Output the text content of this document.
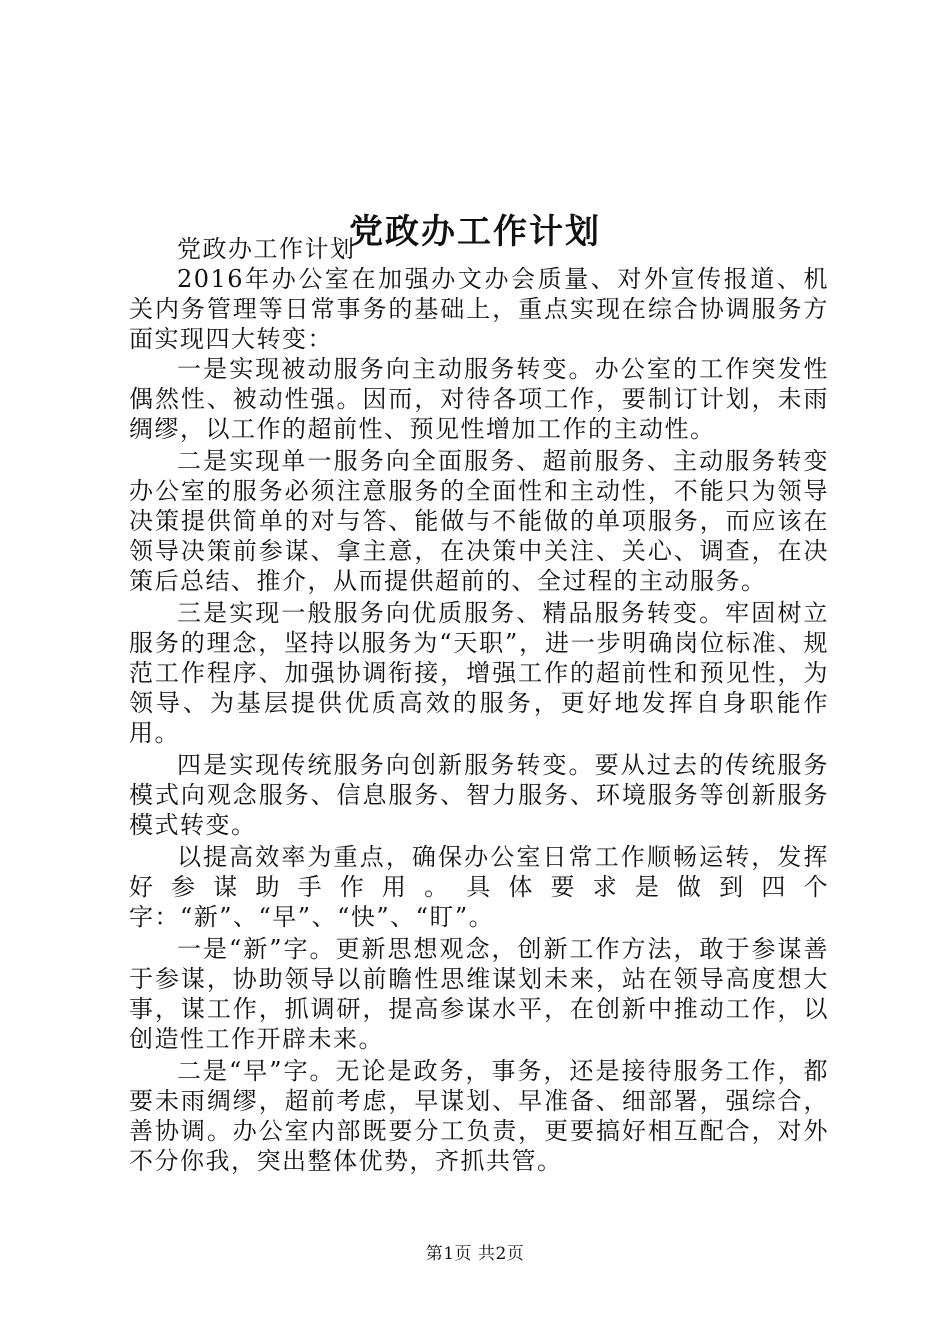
党政办工作计划

党政办工作计划

2016年办公室在加强办文办会质量、对外宣传报道、机关内务管理等日常事务的基础上，重点实现在综合协调服务方面实现四大转变：

一是实现被动服务向主动服务转变。办公室的工作突发性偶然性、被动性强。因而，对待各项工作，要制订计划，未雨绸缪，以工作的超前性、预见性增加工作的主动性。

二是实现单一服务向全面服务、超前服务、主动服务转变办公室的服务必须注意服务的全面性和主动性，不能只为领导决策提供简单的对与答、能做与不能做的单项服务，而应该在领导决策前参谋、拿主意，在决策中关注、关心、调查，在决策后总结、推介，从而提供超前的、全过程的主动服务。

三是实现一般服务向优质服务、精品服务转变。牢固树立服务的理念，坚持以服务为“天职”，进一步明确岗位标准、规范工作程序、加强协调衔接，增强工作的超前性和预见性，为领导、为基层提供优质高效的服务，更好地发挥自身职能作用。

四是实现传统服务向创新服务转变。要从过去的传统服务模式向观念服务、信息服务、智力服务、环境服务等创新服务模式转变。

以提高效率为重点，确保办公室日常工作顺畅运转，发挥好参谋助手作用。具体要求是做到四个字：“新”、“早”、“快”、“盯”。

一是“新”字。更新思想观念，创新工作方法，敢于参谋善于参谋，协助领导以前瞻性思维谋划未来，站在领导高度想大事，谋工作，抓调研，提高参谋水平，在创新中推动工作，以创造性工作开辟未来。

二是“早”字。无论是政务，事务，还是接待服务工作，都要未雨绸缪，超前考虑，早谋划、早准备、细部署，强综合，善协调。办公室内部既要分工负责，更要搞好相互配合，对外不分你我，突出整体优势，齐抓共管。

第1页 共2页
